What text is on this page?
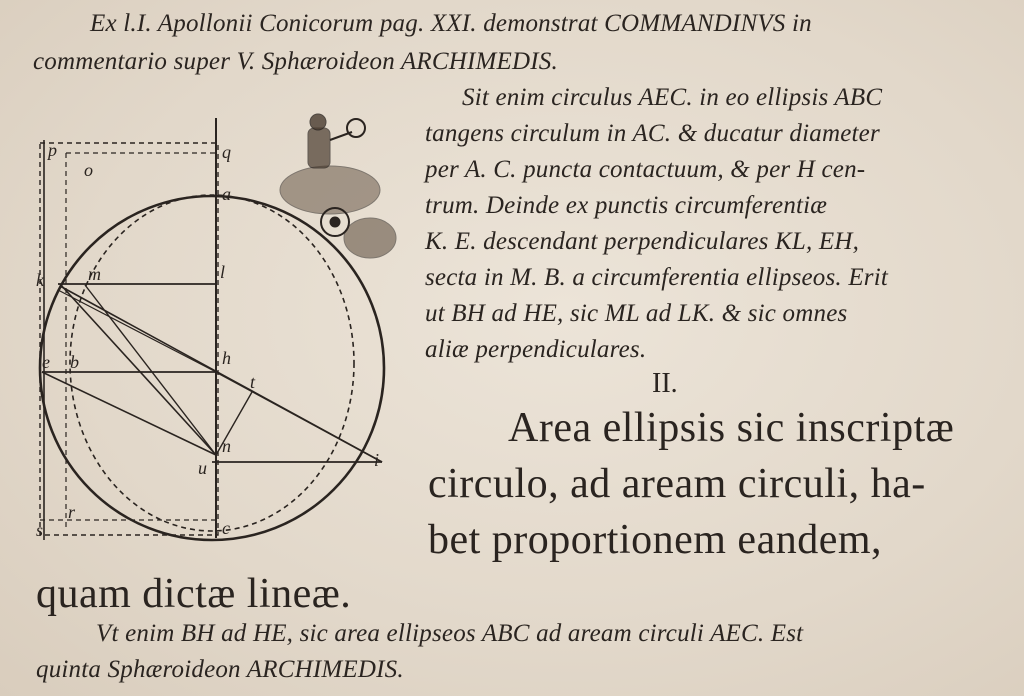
Ex l.I. Apollonii Conicorum pag. XXI. demonstrat COMMANDINVS in
commentario super V. Sphæroideon ARCHIMEDIS.
Sit enim circulus AEC. in eo ellipsis ABC
tangens circulum in AC. & ducatur diameter
per A. C. puncta contactuum, & per H cen-
trum. Deinde ex punctis circumferentiæ
K. E. descendant perpendiculares KL, EH,
secta in M. B. a circumferentia ellipseos. Erit
ut BH ad HE, sic ML ad LK. & sic omnes
aliæ perpendiculares.
II.
Area ellipsis sic inscriptæ
circulo, ad aream circuli, ha-
bet proportionem eandem,
quam dictæ lineæ.
Vt enim BH ad HE, sic area ellipseos ABC ad aream circuli AEC. Est
quinta Sphæroideon ARCHIMEDIS.
p
o
q
a
k m	l
e b	h
t
n
u	i
s
r
c
